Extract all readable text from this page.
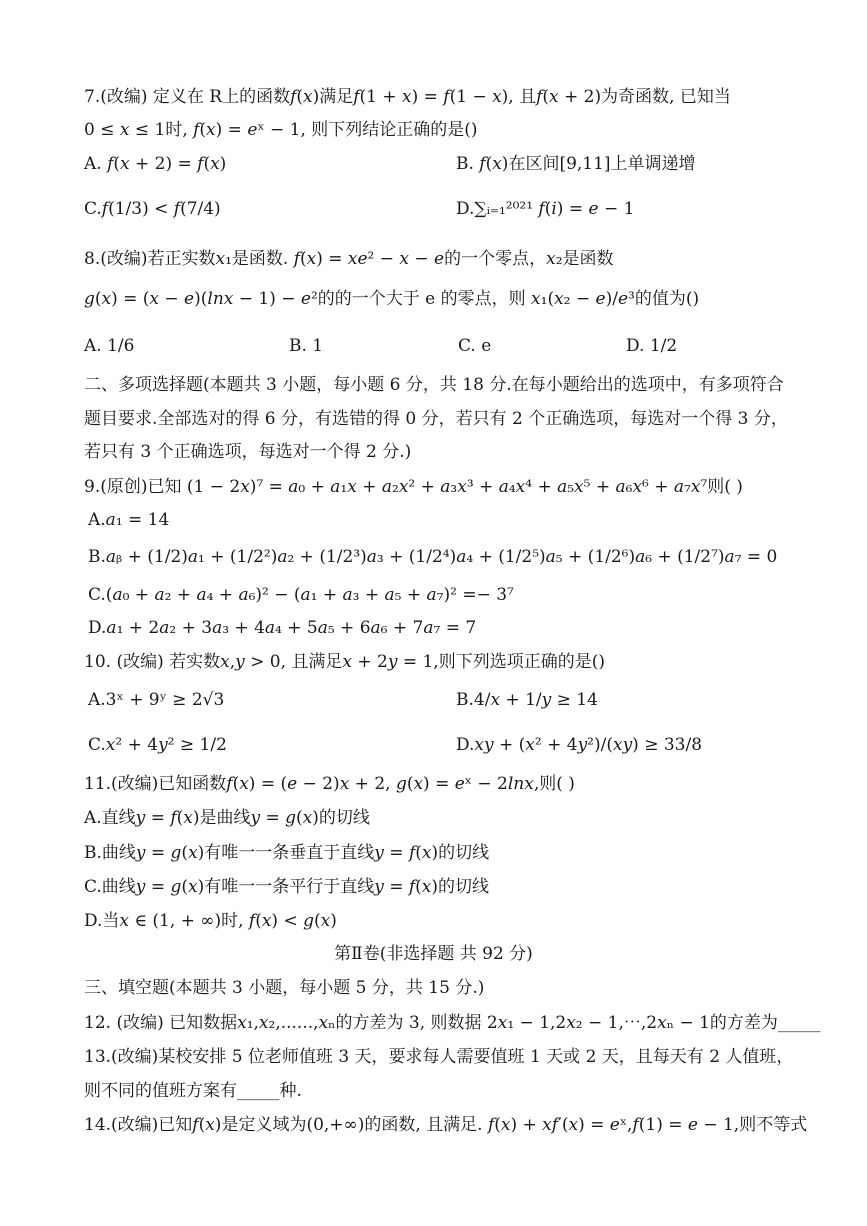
7.(改编) 定义在 R上的函数𝑓(𝑥)满足𝑓(1 + 𝑥) = 𝑓(1 − 𝑥), 且𝑓(𝑥 + 2)为奇函数, 已知当
0 ≤ 𝑥 ≤ 1时, 𝑓(𝑥) = 𝑒ˣ − 1, 则下列结论正确的是()
A. 𝑓(𝑥 + 2) = 𝑓(𝑥)	B. 𝑓(𝑥)在区间[9,11]上单调递增
C.𝑓(1/3) < 𝑓(7/4)	D.∑ᵢ₌₁²⁰²¹ 𝑓(𝑖) = 𝑒 − 1
8.(改编)若正实数𝑥₁是函数. 𝑓(𝑥) = 𝑥𝑒² − 𝑥 − 𝑒的一个零点，𝑥₂是函数
𝑔(𝑥) = (𝑥 − 𝑒)(𝑙𝑛𝑥 − 1) − 𝑒²的的一个大于 e 的零点，则 𝑥₁(𝑥₂ − 𝑒)/𝑒³的值为()
A. 1/6	B. 1	C. e	D. 1/2
二、多项选择题(本题共 3 小题，每小题 6 分，共 18 分.在每小题给出的选项中，有多项符合
题目要求.全部选对的得 6 分，有选错的得 0 分，若只有 2 个正确选项，每选对一个得 3 分，
若只有 3 个正确选项，每选对一个得 2 分.)
9.(原创)已知 (1 − 2𝑥)⁷ = 𝑎₀ + 𝑎₁𝑥 + 𝑎₂𝑥² + 𝑎₃𝑥³ + 𝑎₄𝑥⁴ + 𝑎₅𝑥⁵ + 𝑎₆𝑥⁶ + 𝑎₇𝑥⁷则( )
A.𝑎₁ = 14
B.𝑎ᵦ + (1/2)𝑎₁ + (1/2²)𝑎₂ + (1/2³)𝑎₃ + (1/2⁴)𝑎₄ + (1/2⁵)𝑎₅ + (1/2⁶)𝑎₆ + (1/2⁷)𝑎₇ = 0
C.(𝑎₀ + 𝑎₂ + 𝑎₄ + 𝑎₆)² − (𝑎₁ + 𝑎₃ + 𝑎₅ + 𝑎₇)² =− 3⁷
D.𝑎₁ + 2𝑎₂ + 3𝑎₃ + 4𝑎₄ + 5𝑎₅ + 6𝑎₆ + 7𝑎₇ = 7
10. (改编) 若实数𝑥,𝑦 > 0, 且满足𝑥 + 2𝑦 = 1,则下列选项正确的是()
A.3ˣ + 9ʸ ≥ 2√3	B.4/𝑥 + 1/𝑦 ≥ 14
C.𝑥² + 4𝑦² ≥ 1/2	D.𝑥𝑦 + (𝑥² + 4𝑦²)/(𝑥𝑦) ≥ 33/8
11.(改编)已知函数𝑓(𝑥) = (𝑒 − 2)𝑥 + 2, 𝑔(𝑥) = 𝑒ˣ − 2𝑙𝑛𝑥,则( )
A.直线𝑦 = 𝑓(𝑥)是曲线𝑦 = 𝑔(𝑥)的切线
B.曲线𝑦 = 𝑔(𝑥)有唯一一条垂直于直线𝑦 = 𝑓(𝑥)的切线
C.曲线𝑦 = 𝑔(𝑥)有唯一一条平行于直线𝑦 = 𝑓(𝑥)的切线
D.当𝑥 ∈ (1, + ∞)时, 𝑓(𝑥) < 𝑔(𝑥)
第Ⅱ卷(非选择题 共 92 分)
三、填空题(本题共 3 小题，每小题 5 分，共 15 分.)
12. (改编) 已知数据𝑥₁,𝑥₂,......,𝑥ₙ的方差为 3, 则数据 2𝑥₁ − 1,2𝑥₂ − 1,⋯,2𝑥ₙ − 1的方差为_____
13.(改编)某校安排 5 位老师值班 3 天，要求每人需要值班 1 天或 2 天，且每天有 2 人值班，
则不同的值班方案有_____种.
14.(改编)已知𝑓(𝑥)是定义域为(0,+∞)的函数, 且满足. 𝑓(𝑥) + 𝑥𝑓′(𝑥) = 𝑒ˣ,𝑓(1) = 𝑒 − 1,则不等式
